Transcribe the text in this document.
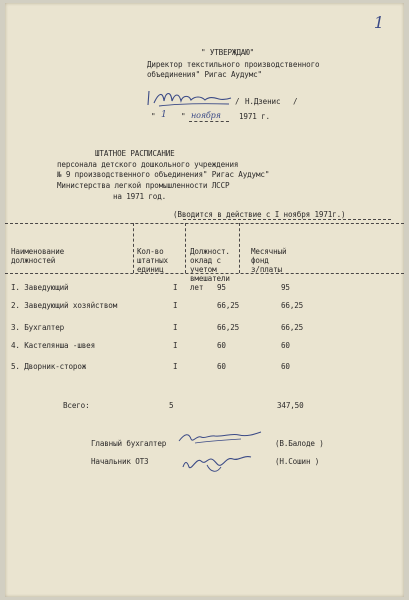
1
" УТВЕРЖДАЮ"
Директор текстильного производственного
объединения" Ригас Аудумс"
/ Н.Дзенис /
" 1 " ноября 1971 г.
ШТАТНОЕ РАСПИСАНИЕ
персонала детского дошкольного учреждения
№ 9 производственного объединения" Ригас Аудумс"
Министерства легкой промышленности ЛССР
на 1971 год.
(Вводится в действие с I ноября 1971г.)

Наименование
должностей

Кол-во
штатных
единиц

Должност.
оклад с
учетом
вмешатели
лет

Месячный
фонд
з/платы

I. Заведующий	I	95	95
2. Заведующий хозяйством	I	66,25	66,25
3. Бухгалтер	I	66,25	66,25
4. Кастелянша -швея	I	60	60
5. Дворник-сторож	I	60	60
Всего:	5	347,50
Главный бухгалтер	(В.Балоде )
Начальник ОТЗ	(Н.Сошин )
